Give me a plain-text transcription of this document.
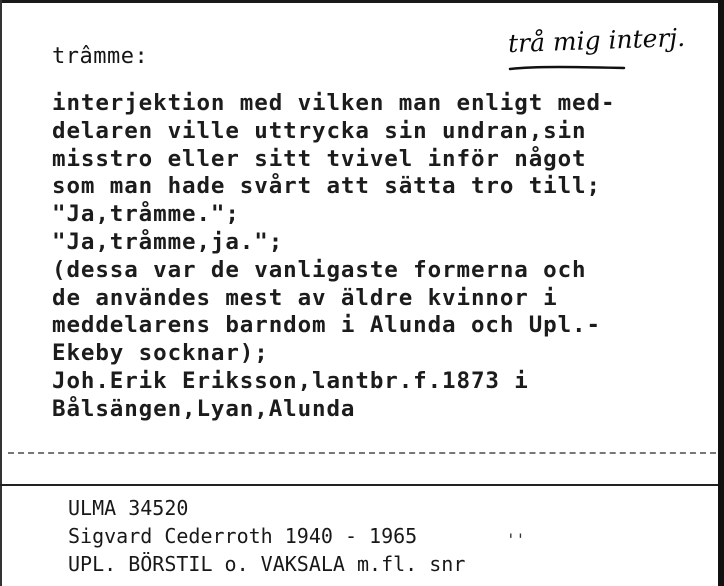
trâmme:	trå mig interj.
interjektion med vilken man enligt med-
delaren ville uttrycka sin undran,sin
misstro eller sitt tvivel inför något
som man hade svårt att sätta tro till;
"Ja,tråmme.";
"Ja,tråmme,ja.";
(dessa var de vanligaste formerna och
de användes mest av äldre kvinnor i
meddelarens barndom i Alunda och Upl.-
Ekeby socknar);
Joh.Erik Eriksson,lantbr.f.1873 i
Bålsängen,Lyan,Alunda
ULMA 34520
Sigvard Cederroth 1940 - 1965
UPL. BÖRSTIL o. VAKSALA m.fl. snr
''
